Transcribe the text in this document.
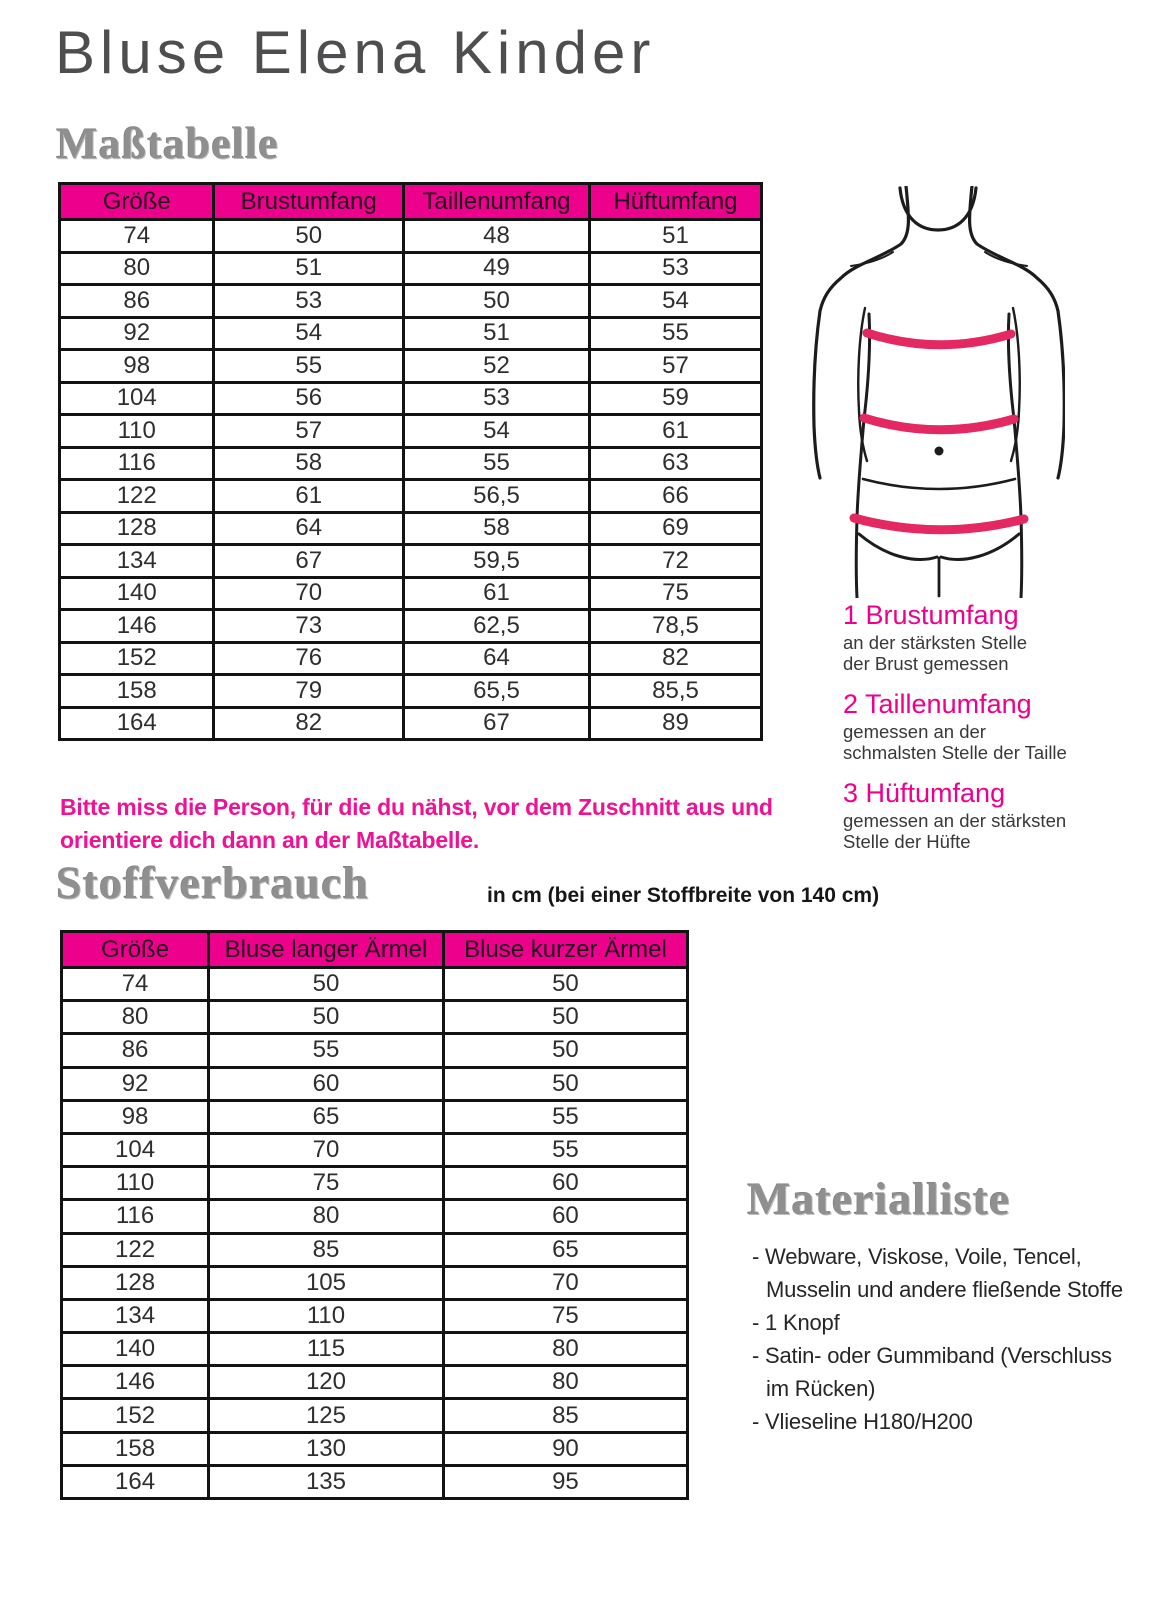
Bluse Elena Kinder
Maßtabelle
Größe	Brustumfang	Taillenumfang	Hüftumfang
74	50	48	51
80	51	49	53
86	53	50	54
92	54	51	55
98	55	52	57
104	56	53	59
110	57	54	61
116	58	55	63
122	61	56,5	66
128	64	58	69
134	67	59,5	72
140	70	61	75
146	73	62,5	78,5
152	76	64	82
158	79	65,5	85,5
164	82	67	89
Bitte miss die Person, für die du nähst, vor dem Zuschnitt aus und
orientiere dich dann an der Maßtabelle.
1 Brustumfang
an der stärksten Stelle
der Brust gemessen
2 Taillenumfang
gemessen an der
schmalsten Stelle der Taille
3 Hüftumfang
gemessen an der stärksten
Stelle der Hüfte
Stoffverbrauch	in cm (bei einer Stoffbreite von 140 cm)
Größe	Bluse langer Ärmel	Bluse kurzer Ärmel
74	50	50
80	50	50
86	55	50
92	60	50
98	65	55
104	70	55
110	75	60
116	80	60
122	85	65
128	105	70
134	110	75
140	115	80
146	120	80
152	125	85
158	130	90
164	135	95
Materialliste
- Webware, Viskose, Voile, Tencel,
Musselin und andere fließende Stoffe
- 1 Knopf
- Satin- oder Gummiband (Verschluss
im Rücken)
- Vlieseline H180/H200
